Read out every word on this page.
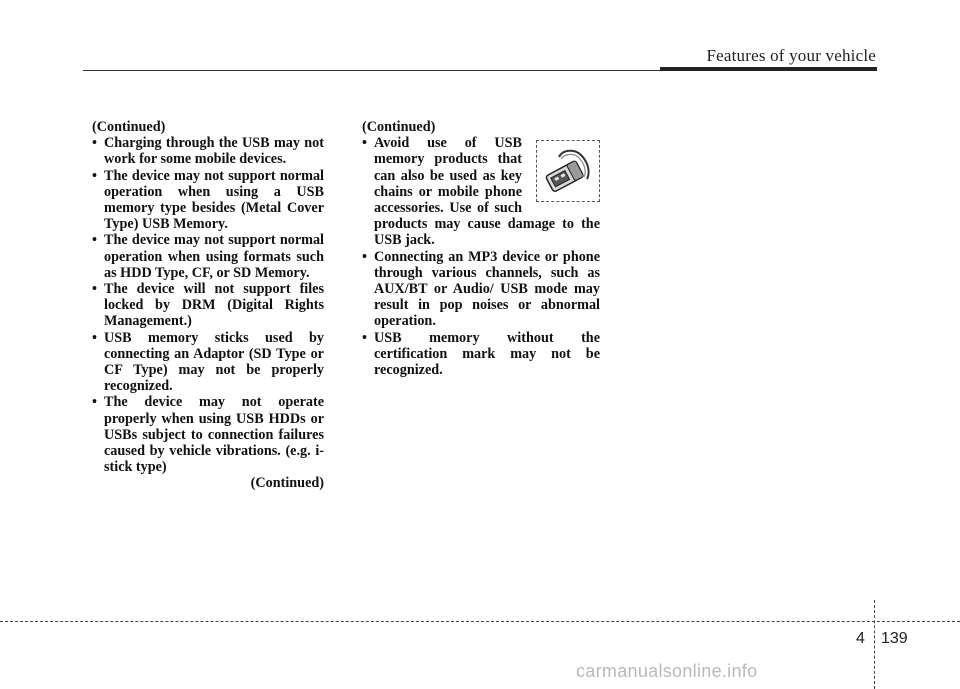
Features of your vehicle
(Continued)
• Charging through the USB may not work for some mobile devices.
• The device may not support normal operation when using a USB memory type besides (Metal Cover Type) USB Memory.
• The device may not support normal operation when using formats such as HDD Type, CF, or SD Memory.
• The device will not support files locked by DRM (Digital Rights Management.)
• USB memory sticks used by connecting an Adaptor (SD Type or CF Type) may not be properly recognized.
• The device may not operate properly when using USB HDDs or USBs subject to connection failures caused by vehicle vibrations. (e.g. i-stick type)
(Continued)
(Continued)
• Avoid use of USB memory products that can also be used as key chains or mobile phone accessories. Use of such products may cause damage to the USB jack.
• Connecting an MP3 device or phone through various channels, such as AUX/BT or Audio/ USB mode may result in pop noises or abnormal operation.
• USB memory without the certification mark may not be recognized.
4 139
carmanualsonline.info
